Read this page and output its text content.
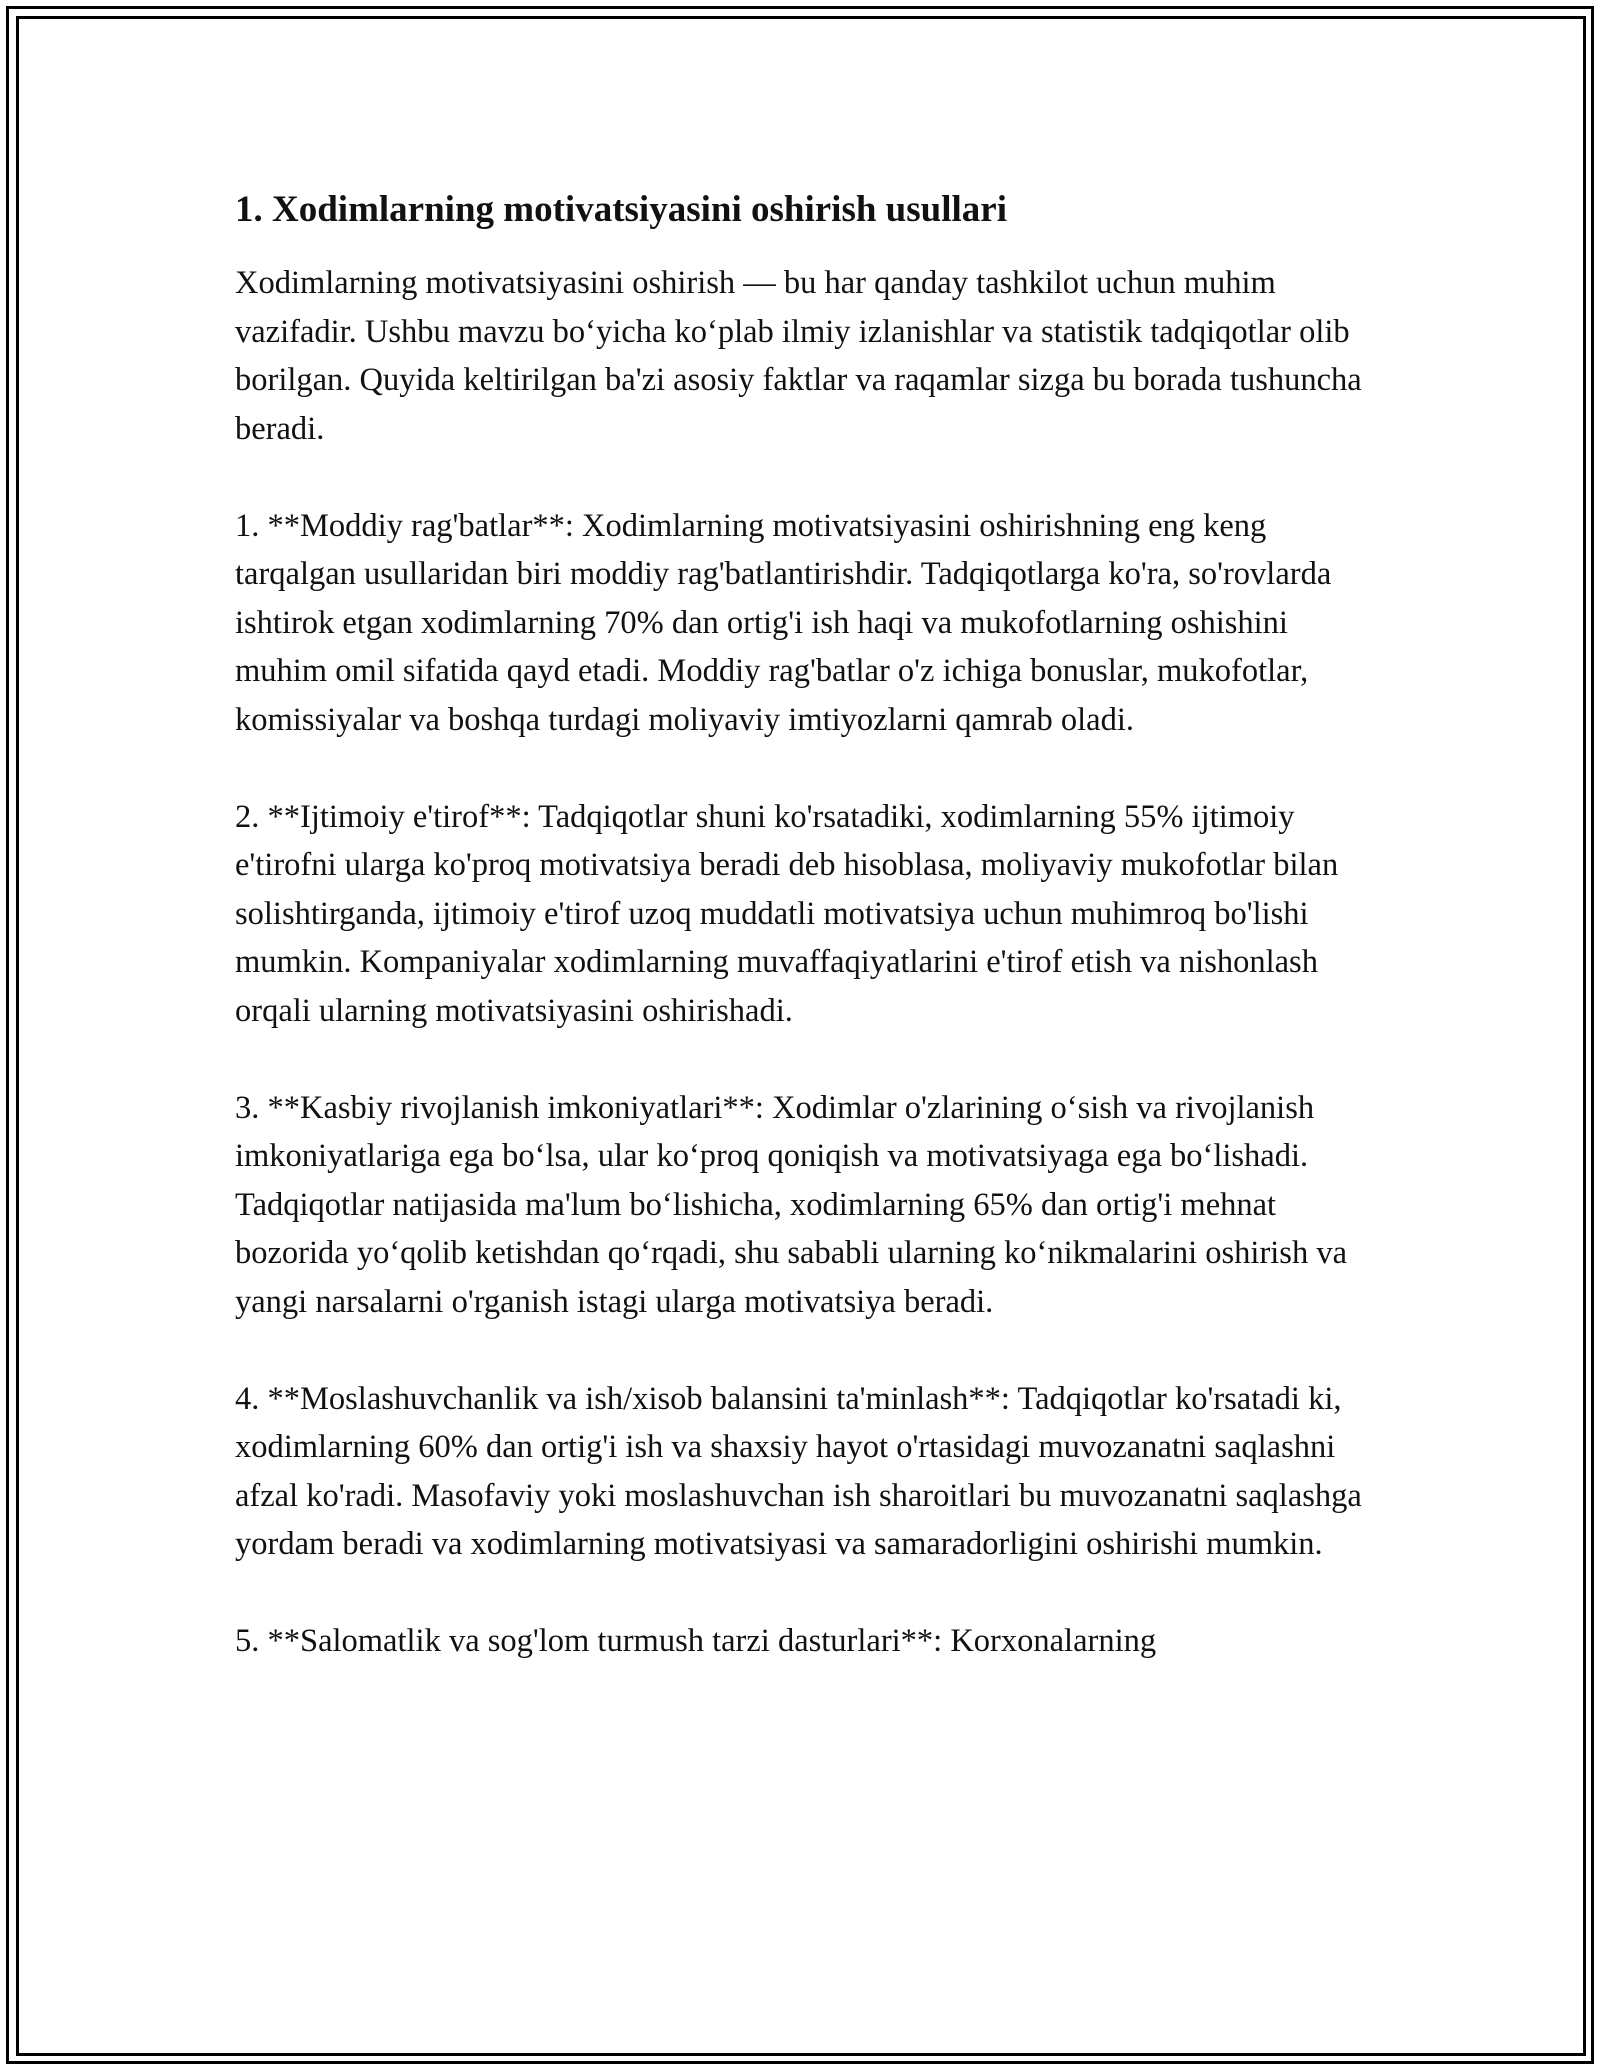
1. Xodimlarning motivatsiyasini oshirish usullari

Xodimlarning motivatsiyasini oshirish — bu har qanday tashkilot uchun muhim vazifadir. Ushbu mavzu bo‘yicha ko‘plab ilmiy izlanishlar va statistik tadqiqotlar olib borilgan. Quyida keltirilgan ba'zi asosiy faktlar va raqamlar sizga bu borada tushuncha beradi.

1. **Moddiy rag'batlar**: Xodimlarning motivatsiyasini oshirishning eng keng tarqalgan usullaridan biri moddiy rag'batlantirishdir. Tadqiqotlarga ko'ra, so'rovlarda ishtirok etgan xodimlarning 70% dan ortig'i ish haqi va mukofotlarning oshishini muhim omil sifatida qayd etadi. Moddiy rag'batlar o'z ichiga bonuslar, mukofotlar, komissiyalar va boshqa turdagi moliyaviy imtiyozlarni qamrab oladi.

2. **Ijtimoiy e'tirof**: Tadqiqotlar shuni ko'rsatadiki, xodimlarning 55% ijtimoiy e'tirofni ularga ko'proq motivatsiya beradi deb hisoblasa, moliyaviy mukofotlar bilan solishtirganda, ijtimoiy e'tirof uzoq muddatli motivatsiya uchun muhimroq bo'lishi mumkin. Kompaniyalar xodimlarning muvaffaqiyatlarini e'tirof etish va nishonlash orqali ularning motivatsiyasini oshirishadi.

3. **Kasbiy rivojlanish imkoniyatlari**: Xodimlar o'zlarining o‘sish va rivojlanish imkoniyatlariga ega bo‘lsa, ular ko‘proq qoniqish va motivatsiyaga ega bo‘lishadi. Tadqiqotlar natijasida ma'lum bo‘lishicha, xodimlarning 65% dan ortig'i mehnat bozorida yo‘qolib ketishdan qo‘rqadi, shu sababli ularning ko‘nikmalarini oshirish va yangi narsalarni o'rganish istagi ularga motivatsiya beradi.

4. **Moslashuvchanlik va ish/xisob balansini ta'minlash**: Tadqiqotlar ko'rsatadi ki, xodimlarning 60% dan ortig'i ish va shaxsiy hayot o'rtasidagi muvozanatni saqlashni afzal ko'radi. Masofaviy yoki moslashuvchan ish sharoitlari bu muvozanatni saqlashga yordam beradi va xodimlarning motivatsiyasi va samaradorligini oshirishi mumkin.

5. **Salomatlik va sog'lom turmush tarzi dasturlari**: Korxonalarning
